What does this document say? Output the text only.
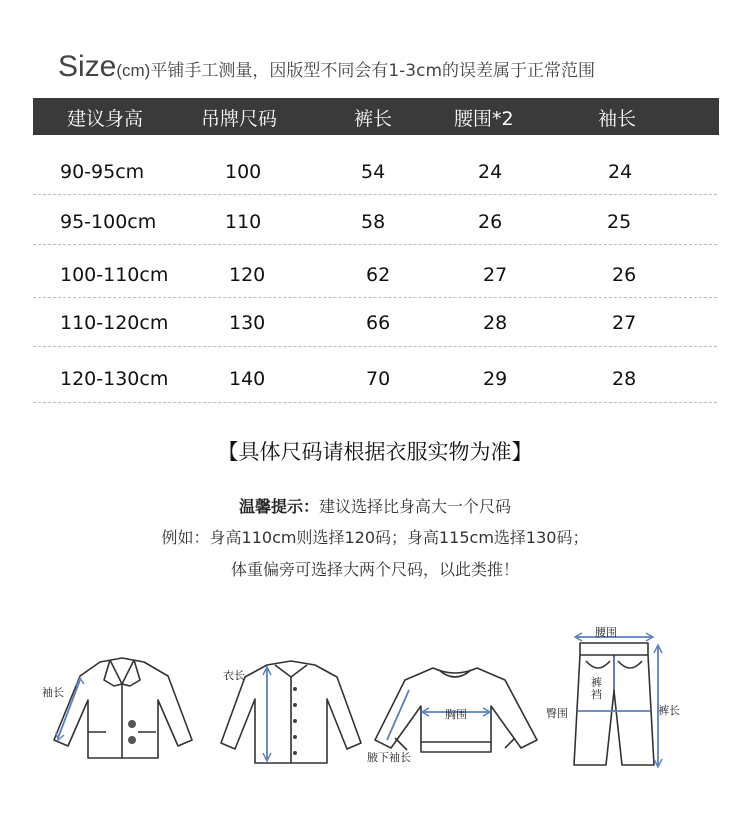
Size(cm)平铺手工测量，因版型不同会有1-3cm的误差属于正常范围
建议身高	吊牌尺码	裤长	腰围*2	袖长
90-95cm	100	54	24	24
95-100cm	110	58	26	25
100-110cm	120	62	27	26
110-120cm	130	66	28	27
120-130cm	140	70	29	28
【具体尺码请根据衣服实物为准】
温馨提示：建议选择比身高大一个尺码
例如：身高110cm则选择120码；身高115cm选择130码；
体重偏旁可选择大两个尺码，以此类推！
袖长
衣长
胸围
腋下袖长
腰围
裤裆
臀围	裤长
